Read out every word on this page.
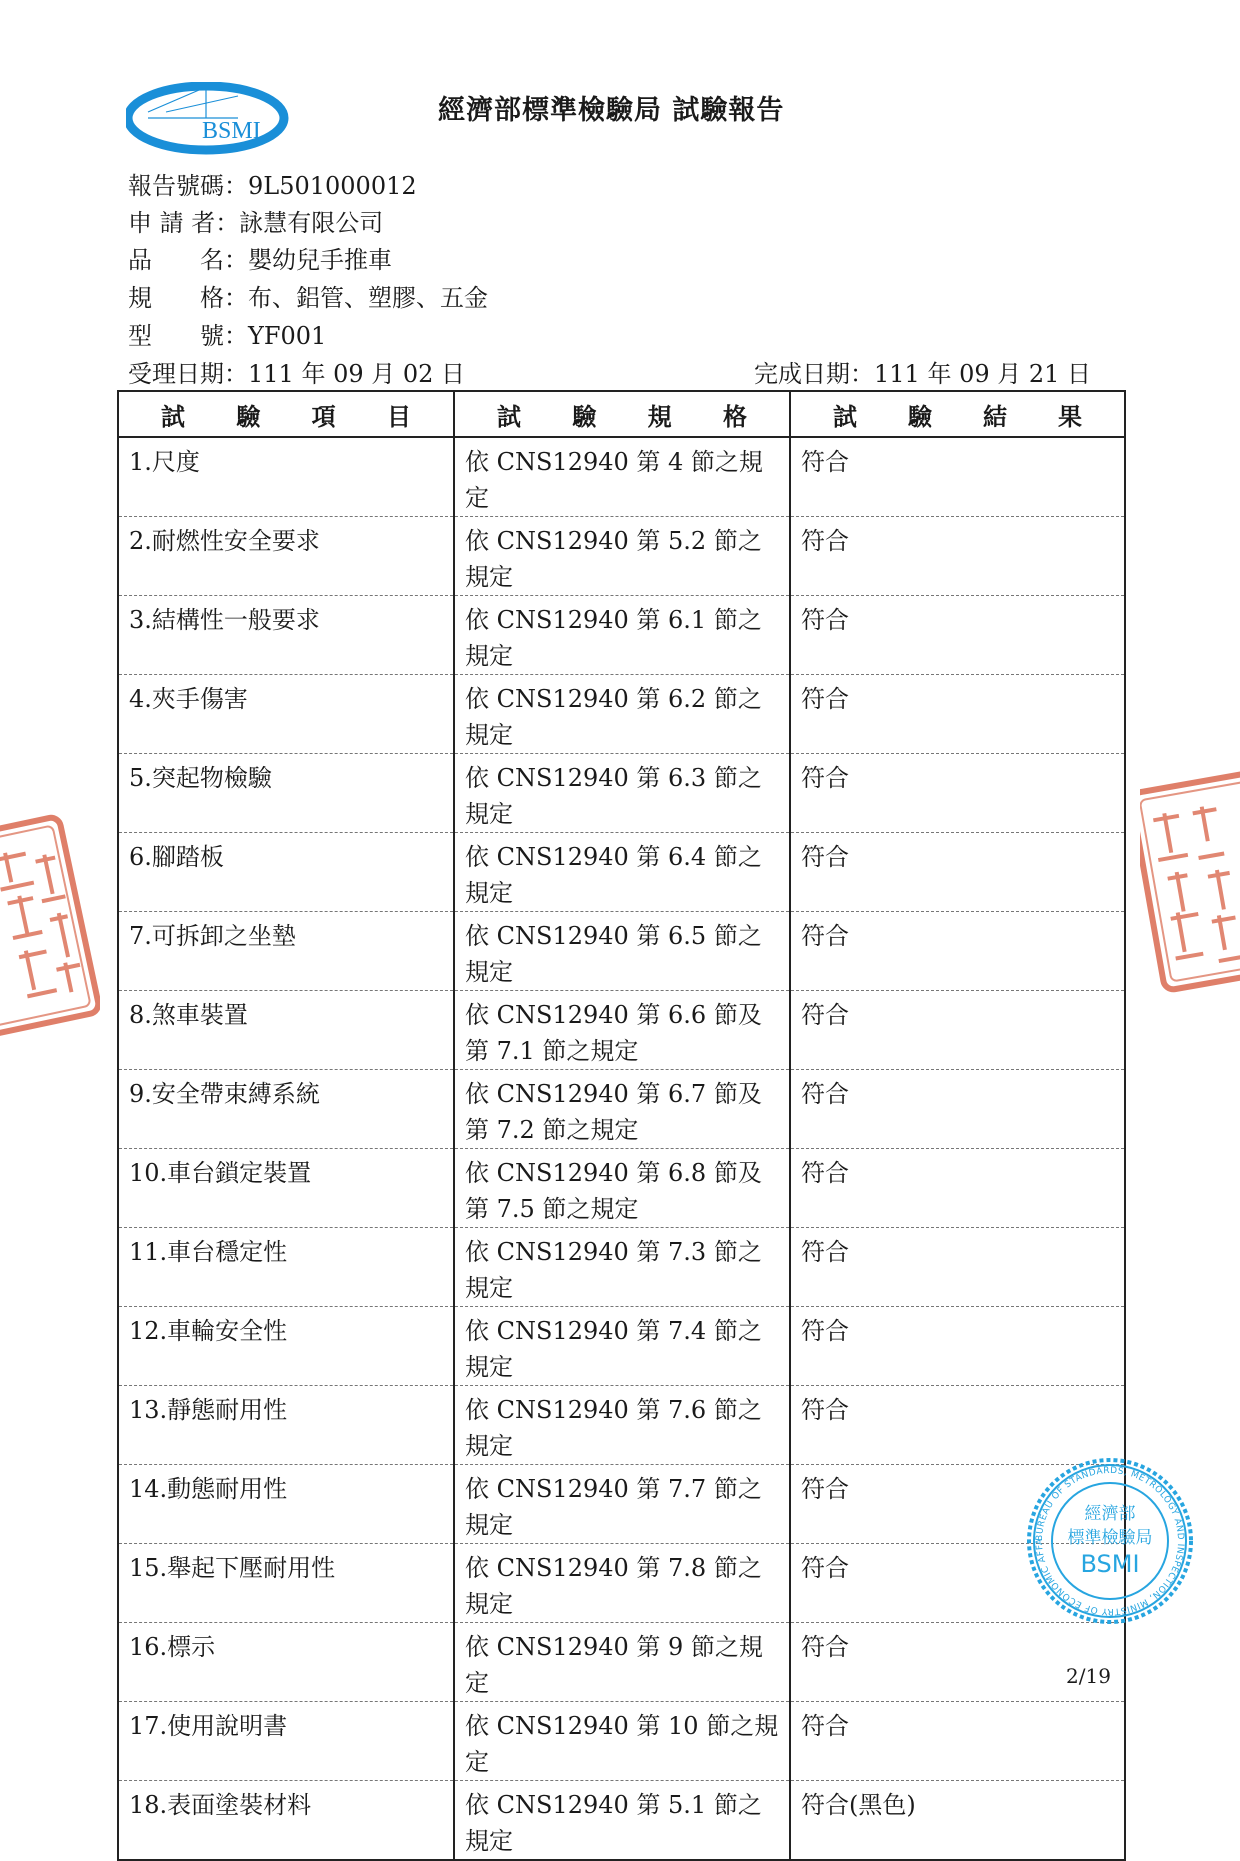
BSMI
經濟部標準檢驗局 試驗報告
報告號碼：9L501000012
申 請 者：詠慧有限公司
品　　名：嬰幼兒手推車
規　　格：布、鋁管、塑膠、五金
型　　號：YF001
受理日期：111 年 09 月 02 日	完成日期：111 年 09 月 21 日
試 驗 項 目	試 驗 規 格	試 驗 結 果

1.尺度	依 CNS12940 第 4 節之規定	符合
2.耐燃性安全要求	依 CNS12940 第 5.2 節之規定	符合
3.結構性一般要求	依 CNS12940 第 6.1 節之規定	符合
4.夾手傷害	依 CNS12940 第 6.2 節之規定	符合
5.突起物檢驗	依 CNS12940 第 6.3 節之規定	符合
6.腳踏板	依 CNS12940 第 6.4 節之規定	符合
7.可拆卸之坐墊	依 CNS12940 第 6.5 節之規定	符合
8.煞車裝置	依 CNS12940 第 6.6 節及第 7.1 節之規定	符合
9.安全帶束縛系統	依 CNS12940 第 6.7 節及第 7.2 節之規定	符合
10.車台鎖定裝置	依 CNS12940 第 6.8 節及第 7.5 節之規定	符合
11.車台穩定性	依 CNS12940 第 7.3 節之規定	符合
12.車輪安全性	依 CNS12940 第 7.4 節之規定	符合
13.靜態耐用性	依 CNS12940 第 7.6 節之規定	符合
14.動態耐用性	依 CNS12940 第 7.7 節之規定	符合
15.舉起下壓耐用性	依 CNS12940 第 7.8 節之規定	符合
16.標示	依 CNS12940 第 9 節之規定	符合
17.使用說明書	依 CNS12940 第 10 節之規定	符合
18.表面塗裝材料	依 CNS12940 第 5.1 節之規定	符合(黑色)
BUREAU OF STANDARDS, METROLOGY AND INSPECTION, MINISTRY OF ECONOMIC AFFA
經濟部
標準檢驗局
BSMI
2/19
